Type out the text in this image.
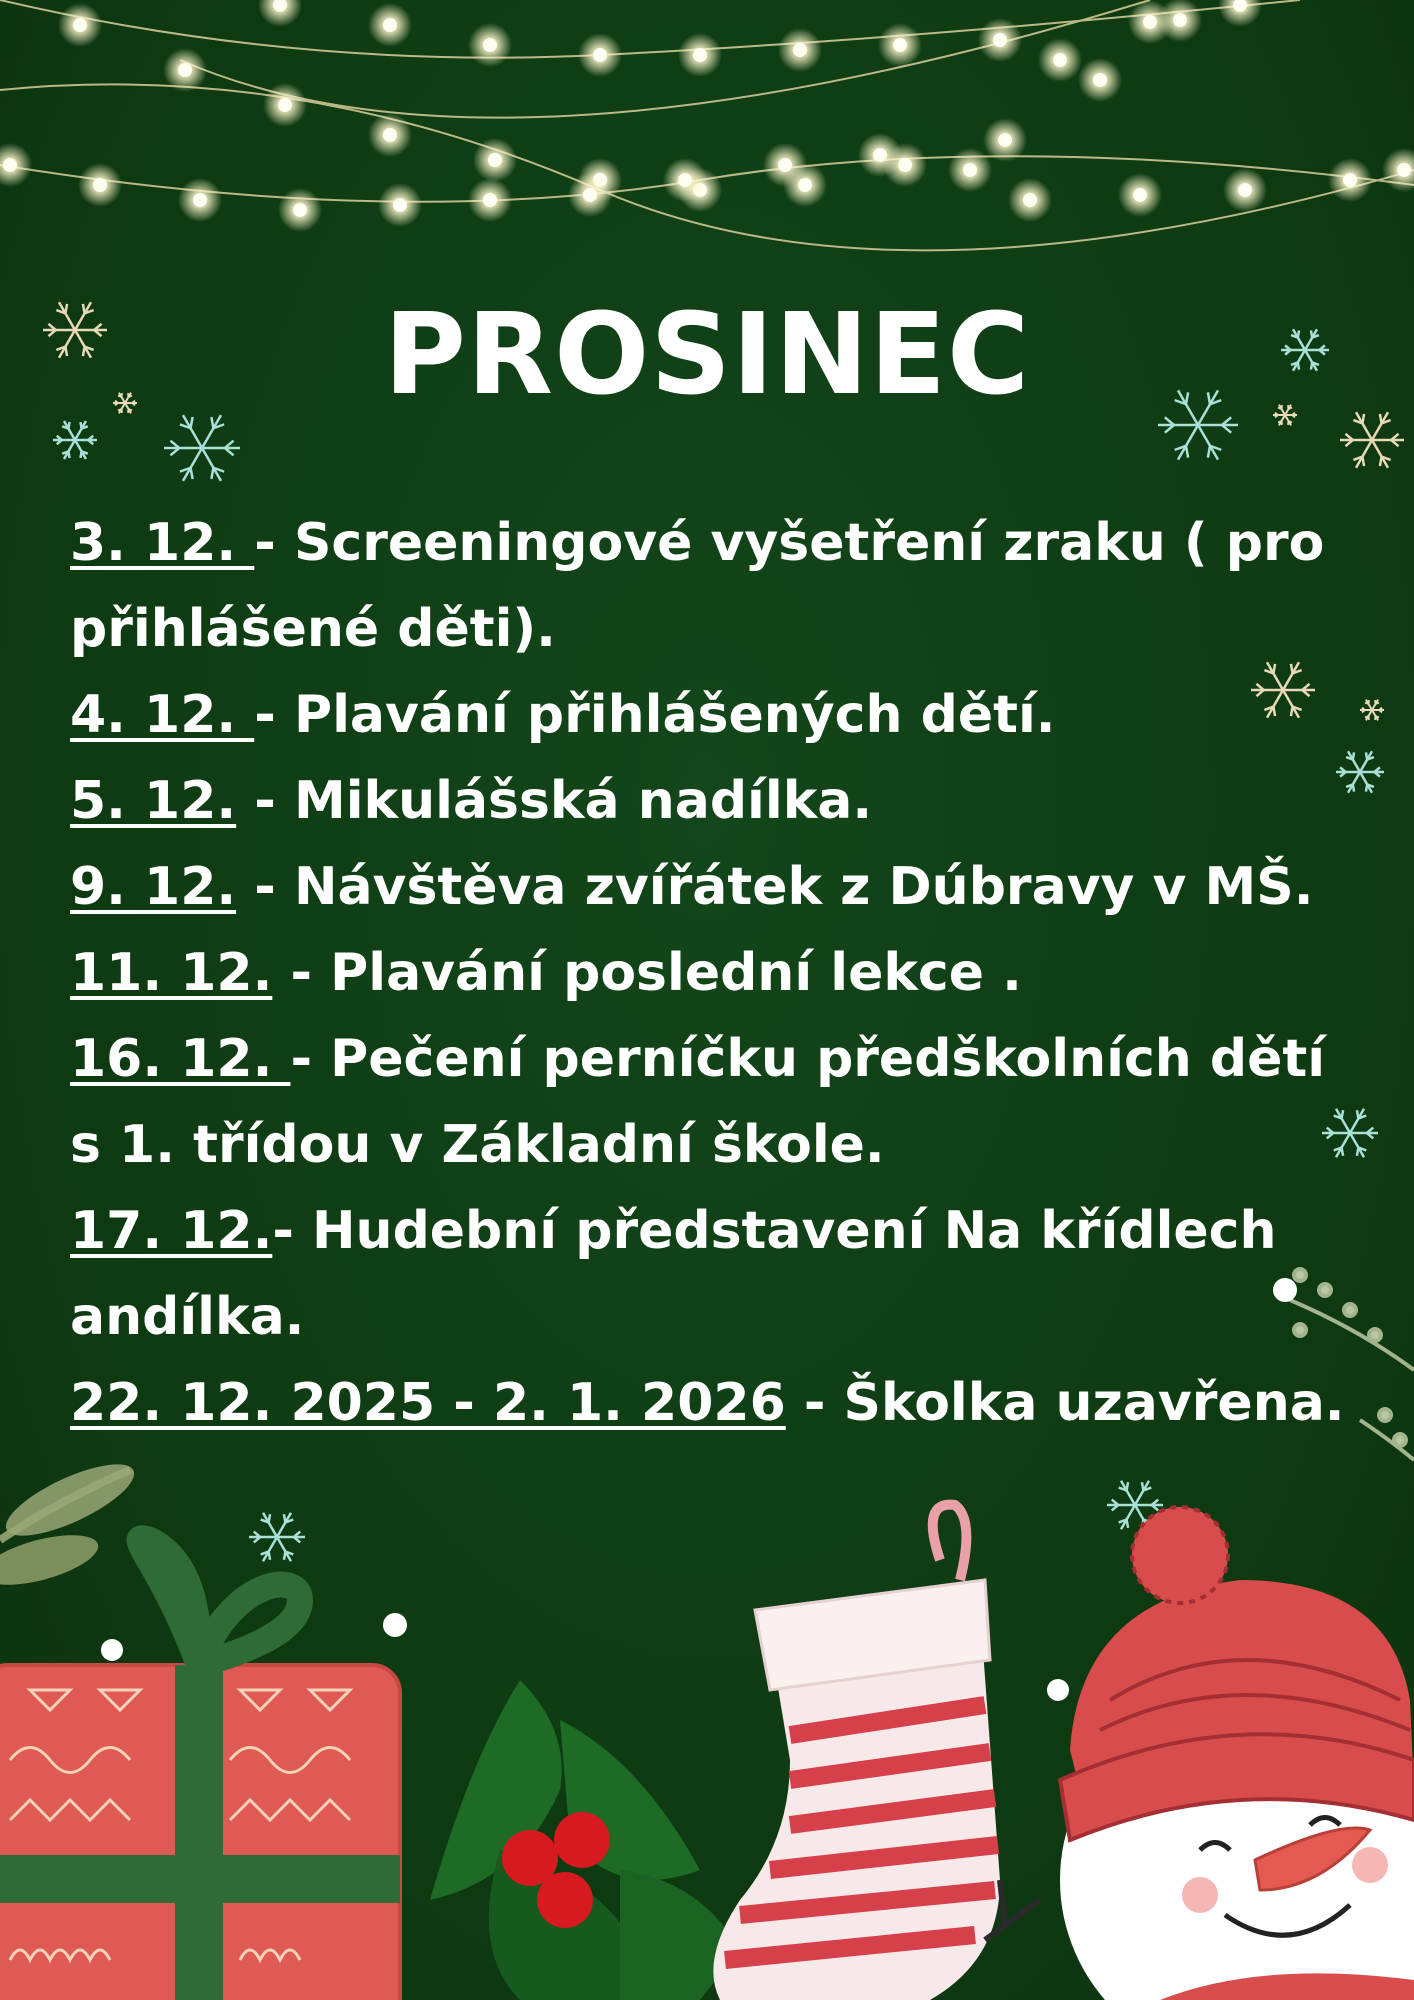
PROSINEC

3. 12. - Screeningové vyšetření zraku ( pro

přihlášené děti).

4. 12. - Plavání přihlášených dětí.

5. 12. - Mikulášská nadílka.

9. 12. - Návštěva zvířátek z Dúbravy v MŠ.

11. 12. - Plavání poslední lekce .

16. 12. - Pečení perníčku předškolních dětí

s 1. třídou v Základní škole.

17. 12.- Hudební představení Na křídlech

andílka.

22. 12. 2025 - 2. 1. 2026 - Školka uzavřena.
